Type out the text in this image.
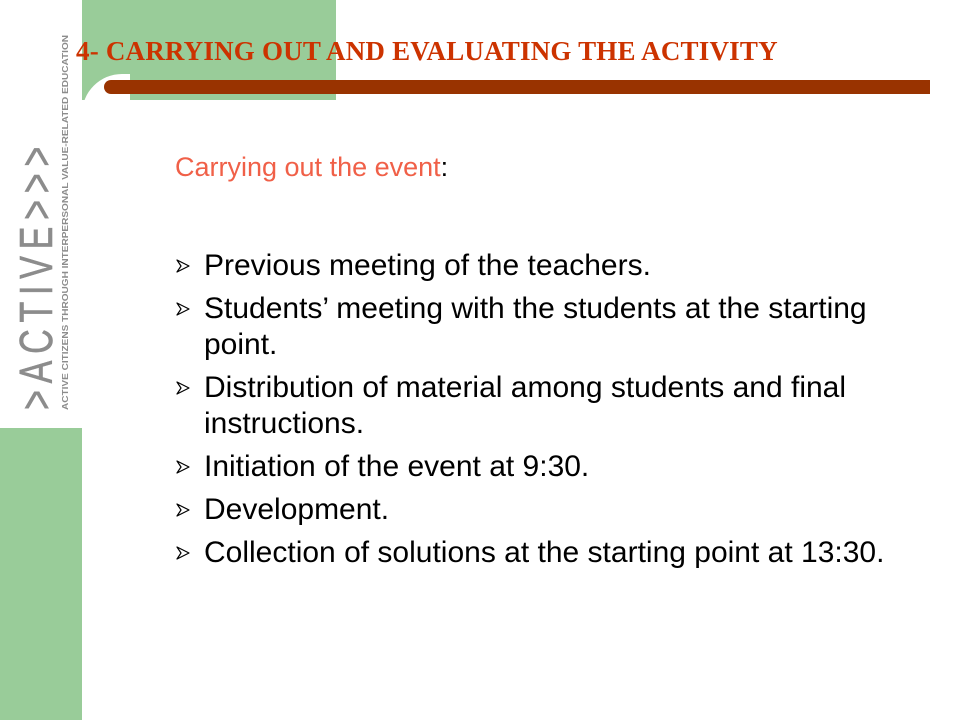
4- CARRYING OUT AND EVALUATING THE ACTIVITY
>ACTIVE>>> ACTIVE CITIZENS THROUGH INTERPERSONAL VALUE-RELATED EDUCATION	Carrying out the event:
Previous meeting of the teachers.
Students’ meeting with the students at the starting point.
Distribution of material among students and final instructions.
Initiation of the event at 9:30.
Development.
Collection of solutions at the starting point at 13:30.
